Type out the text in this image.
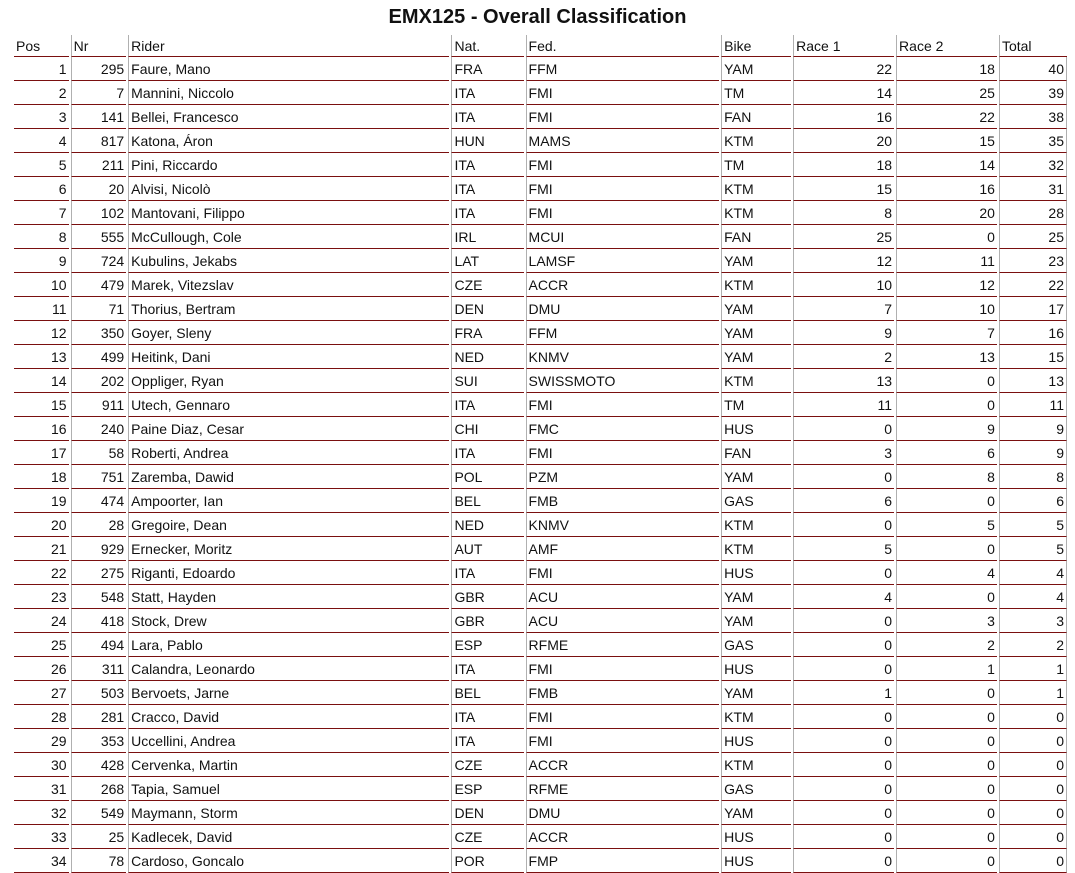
EMX125 - Overall Classification
Pos	Nr	Rider	Nat.	Fed.	Bike	Race 1	Race 2	Total
1	295	Faure, Mano	FRA	FFM	YAM	22	18	40
2	7	Mannini, Niccolo	ITA	FMI	TM	14	25	39
3	141	Bellei, Francesco	ITA	FMI	FAN	16	22	38
4	817	Katona, Áron	HUN	MAMS	KTM	20	15	35
5	211	Pini, Riccardo	ITA	FMI	TM	18	14	32
6	20	Alvisi, Nicolò	ITA	FMI	KTM	15	16	31
7	102	Mantovani, Filippo	ITA	FMI	KTM	8	20	28
8	555	McCullough, Cole	IRL	MCUI	FAN	25	0	25
9	724	Kubulins, Jekabs	LAT	LAMSF	YAM	12	11	23
10	479	Marek, Vitezslav	CZE	ACCR	KTM	10	12	22
11	71	Thorius, Bertram	DEN	DMU	YAM	7	10	17
12	350	Goyer, Sleny	FRA	FFM	YAM	9	7	16
13	499	Heitink, Dani	NED	KNMV	YAM	2	13	15
14	202	Oppliger, Ryan	SUI	SWISSMOTO	KTM	13	0	13
15	911	Utech, Gennaro	ITA	FMI	TM	11	0	11
16	240	Paine Diaz, Cesar	CHI	FMC	HUS	0	9	9
17	58	Roberti, Andrea	ITA	FMI	FAN	3	6	9
18	751	Zaremba, Dawid	POL	PZM	YAM	0	8	8
19	474	Ampoorter, Ian	BEL	FMB	GAS	6	0	6
20	28	Gregoire, Dean	NED	KNMV	KTM	0	5	5
21	929	Ernecker, Moritz	AUT	AMF	KTM	5	0	5
22	275	Riganti, Edoardo	ITA	FMI	HUS	0	4	4
23	548	Statt, Hayden	GBR	ACU	YAM	4	0	4
24	418	Stock, Drew	GBR	ACU	YAM	0	3	3
25	494	Lara, Pablo	ESP	RFME	GAS	0	2	2
26	311	Calandra, Leonardo	ITA	FMI	HUS	0	1	1
27	503	Bervoets, Jarne	BEL	FMB	YAM	1	0	1
28	281	Cracco, David	ITA	FMI	KTM	0	0	0
29	353	Uccellini, Andrea	ITA	FMI	HUS	0	0	0
30	428	Cervenka, Martin	CZE	ACCR	KTM	0	0	0
31	268	Tapia, Samuel	ESP	RFME	GAS	0	0	0
32	549	Maymann, Storm	DEN	DMU	YAM	0	0	0
33	25	Kadlecek, David	CZE	ACCR	HUS	0	0	0
34	78	Cardoso, Goncalo	POR	FMP	HUS	0	0	0
